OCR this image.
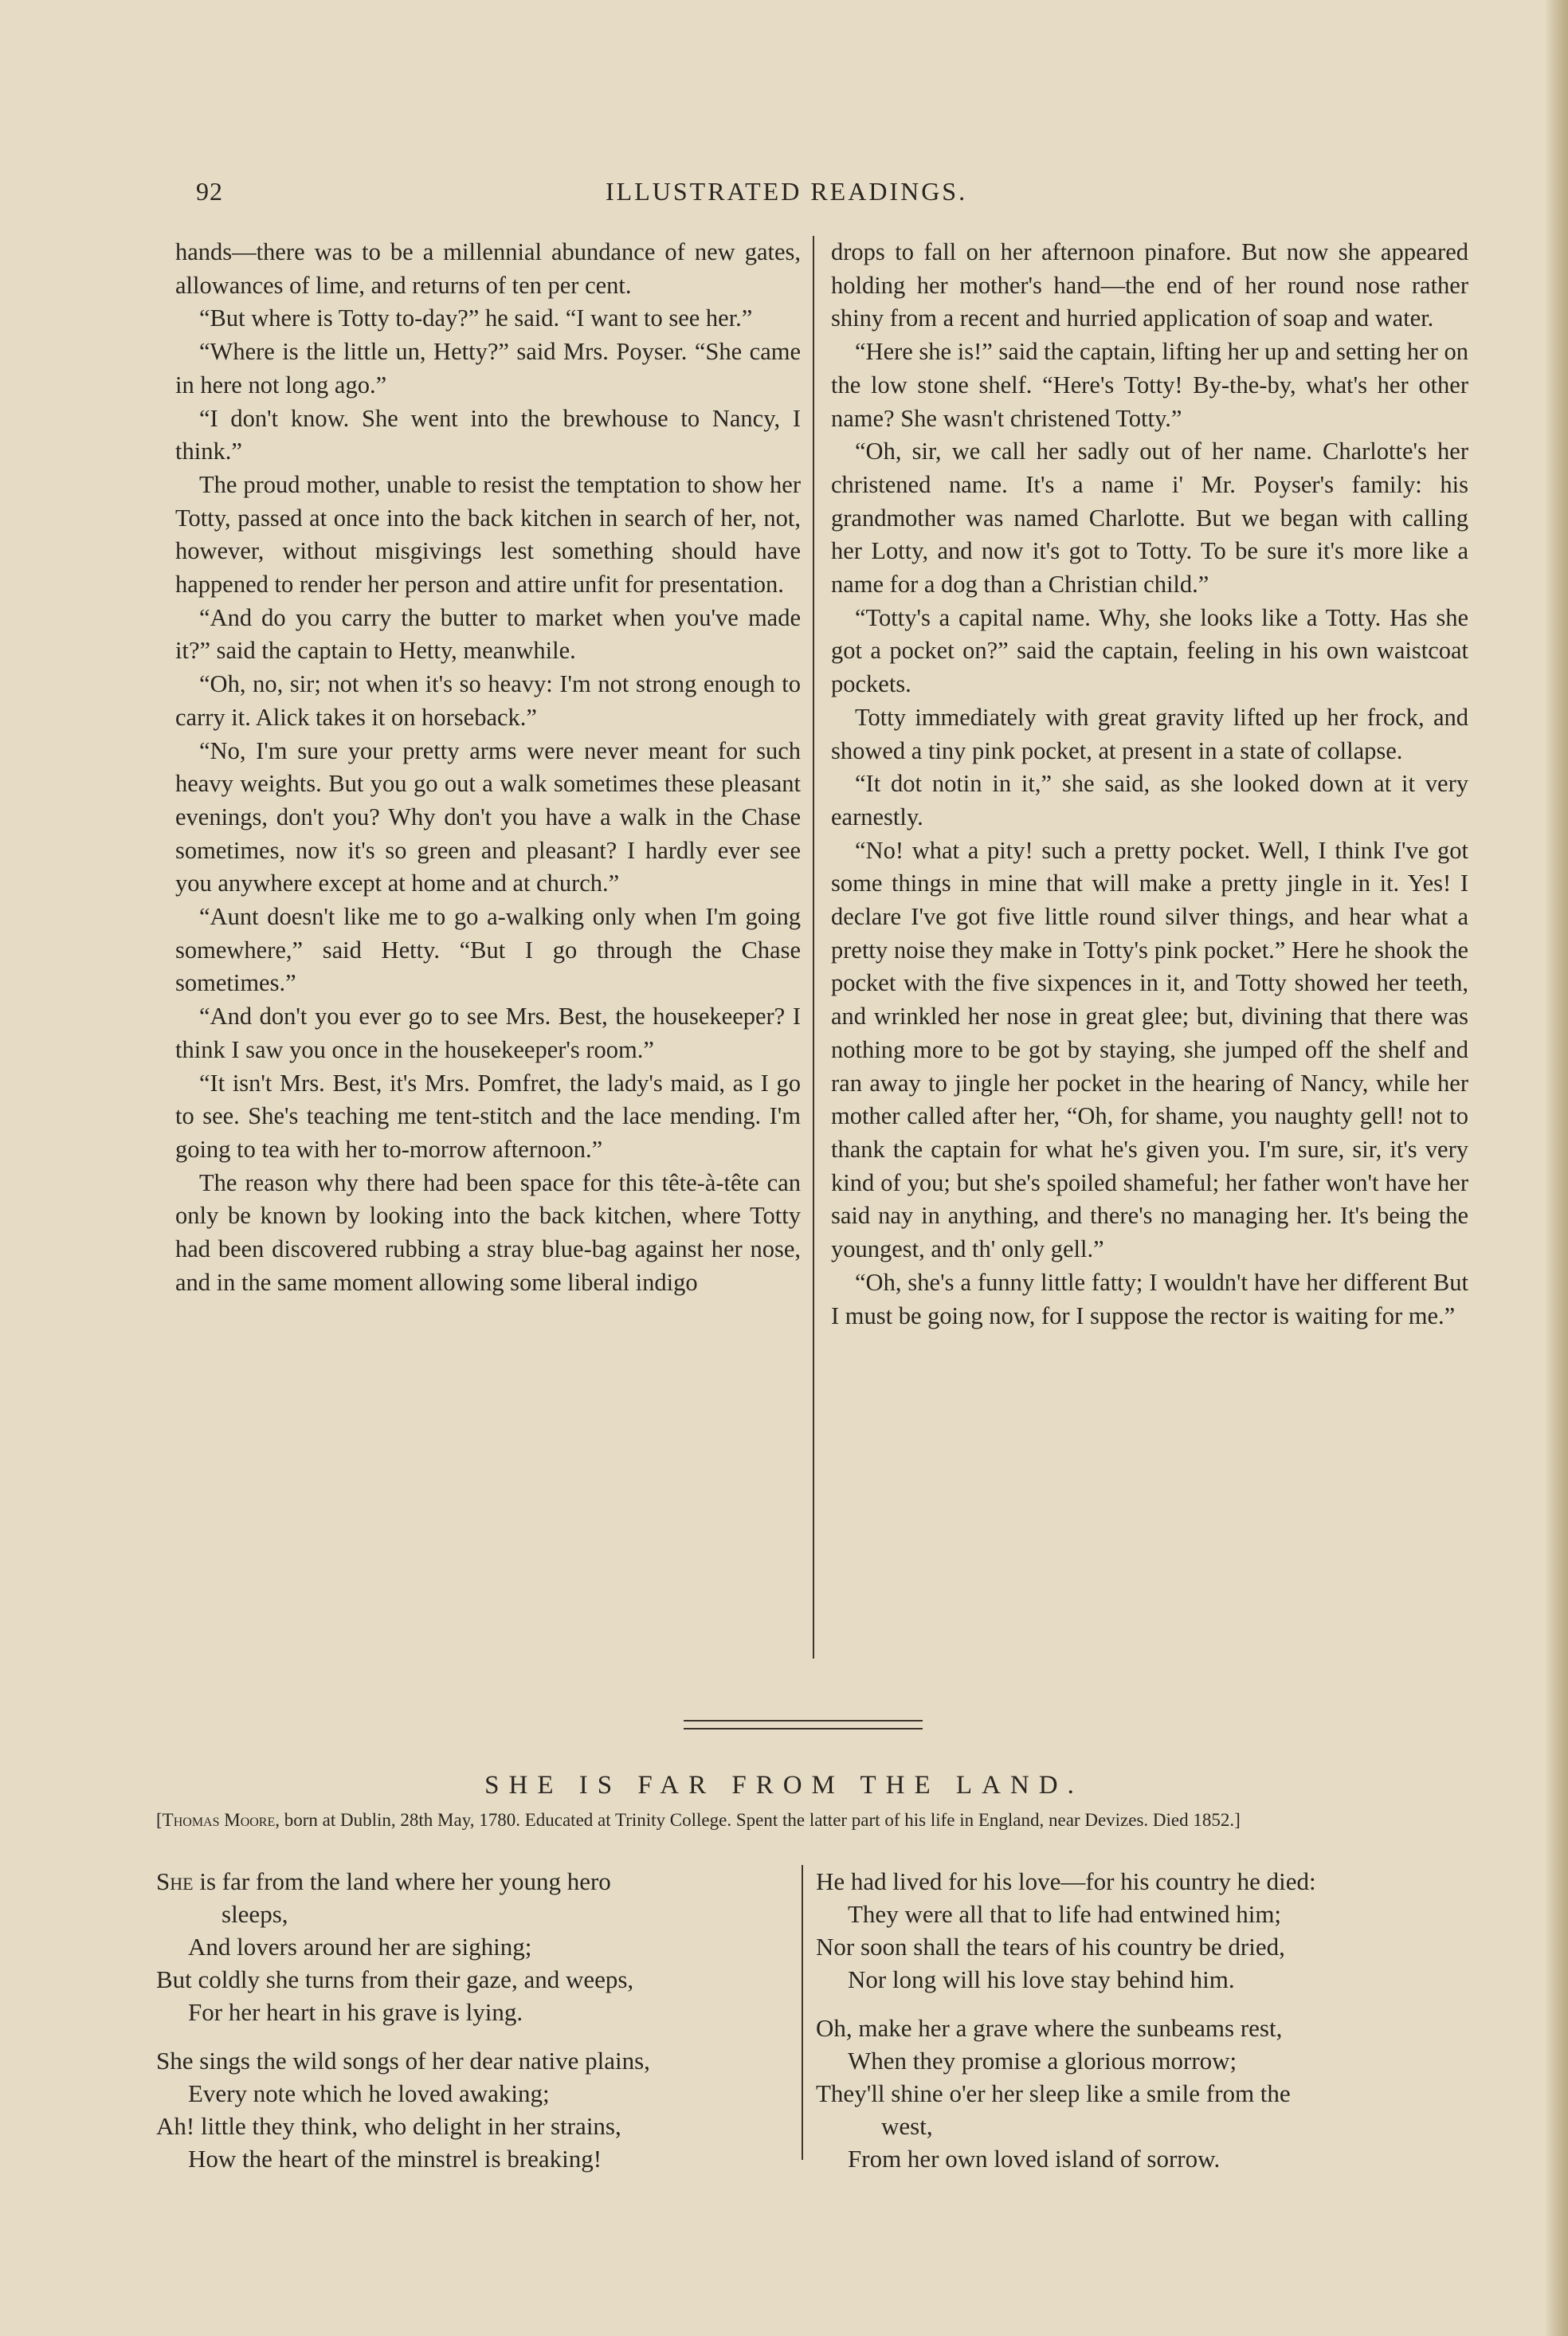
92	ILLUSTRATED READINGS.

hands—there was to be a millennial abundance of new gates, allowances of lime, and returns of ten per cent.

“But where is Totty to-day?” he said. “I want to see her.”

“Where is the little un, Hetty?” said Mrs. Poyser. “She came in here not long ago.”

“I don't know. She went into the brewhouse to Nancy, I think.”

The proud mother, unable to resist the temptation to show her Totty, passed at once into the back kitchen in search of her, not, however, without misgivings lest something should have happened to render her person and attire unfit for presentation.

“And do you carry the butter to market when you've made it?” said the captain to Hetty, meanwhile.

“Oh, no, sir; not when it's so heavy: I'm not strong enough to carry it. Alick takes it on horseback.”

“No, I'm sure your pretty arms were never meant for such heavy weights. But you go out a walk sometimes these pleasant evenings, don't you? Why don't you have a walk in the Chase sometimes, now it's so green and pleasant? I hardly ever see you anywhere except at home and at church.”

“Aunt doesn't like me to go a-walking only when I'm going somewhere,” said Hetty. “But I go through the Chase sometimes.”

“And don't you ever go to see Mrs. Best, the housekeeper? I think I saw you once in the housekeeper's room.”

“It isn't Mrs. Best, it's Mrs. Pomfret, the lady's maid, as I go to see. She's teaching me tent-stitch and the lace mending. I'm going to tea with her to-morrow afternoon.”

The reason why there had been space for this tête-à-tête can only be known by looking into the back kitchen, where Totty had been discovered rubbing a stray blue-bag against her nose, and in the same moment allowing some liberal indigo

drops to fall on her afternoon pinafore. But now she appeared holding her mother's hand—the end of her round nose rather shiny from a recent and hurried application of soap and water.

“Here she is!” said the captain, lifting her up and setting her on the low stone shelf. “Here's Totty! By-the-by, what's her other name? She wasn't christened Totty.”

“Oh, sir, we call her sadly out of her name. Charlotte's her christened name. It's a name i' Mr. Poyser's family: his grandmother was named Charlotte. But we began with calling her Lotty, and now it's got to Totty. To be sure it's more like a name for a dog than a Christian child.”

“Totty's a capital name. Why, she looks like a Totty. Has she got a pocket on?” said the captain, feeling in his own waistcoat pockets.

Totty immediately with great gravity lifted up her frock, and showed a tiny pink pocket, at present in a state of collapse.

“It dot notin in it,” she said, as she looked down at it very earnestly.

“No! what a pity! such a pretty pocket. Well, I think I've got some things in mine that will make a pretty jingle in it. Yes! I declare I've got five little round silver things, and hear what a pretty noise they make in Totty's pink pocket.” Here he shook the pocket with the five sixpences in it, and Totty showed her teeth, and wrinkled her nose in great glee; but, divining that there was nothing more to be got by staying, she jumped off the shelf and ran away to jingle her pocket in the hearing of Nancy, while her mother called after her, “Oh, for shame, you naughty gell! not to thank the captain for what he's given you. I'm sure, sir, it's very kind of you; but she's spoiled shameful; her father won't have her said nay in anything, and there's no managing her. It's being the youngest, and th' only gell.”

“Oh, she's a funny little fatty; I wouldn't have her different But I must be going now, for I suppose the rector is waiting for me.”

SHE IS FAR FROM THE LAND.
[Thomas Moore, born at Dublin, 28th May, 1780. Educated at Trinity College. Spent the latter part of his life in England, near Devizes. Died 1852.]
She is far from the land where her young hero
sleeps,
And lovers around her are sighing;
But coldly she turns from their gaze, and weeps,
For her heart in his grave is lying.
She sings the wild songs of her dear native plains,
Every note which he loved awaking;
Ah! little they think, who delight in her strains,
How the heart of the minstrel is breaking!
He had lived for his love—for his country he died:
They were all that to life had entwined him;
Nor soon shall the tears of his country be dried,
Nor long will his love stay behind him.
Oh, make her a grave where the sunbeams rest,
When they promise a glorious morrow;
They'll shine o'er her sleep like a smile from the
west,
From her own loved island of sorrow.
